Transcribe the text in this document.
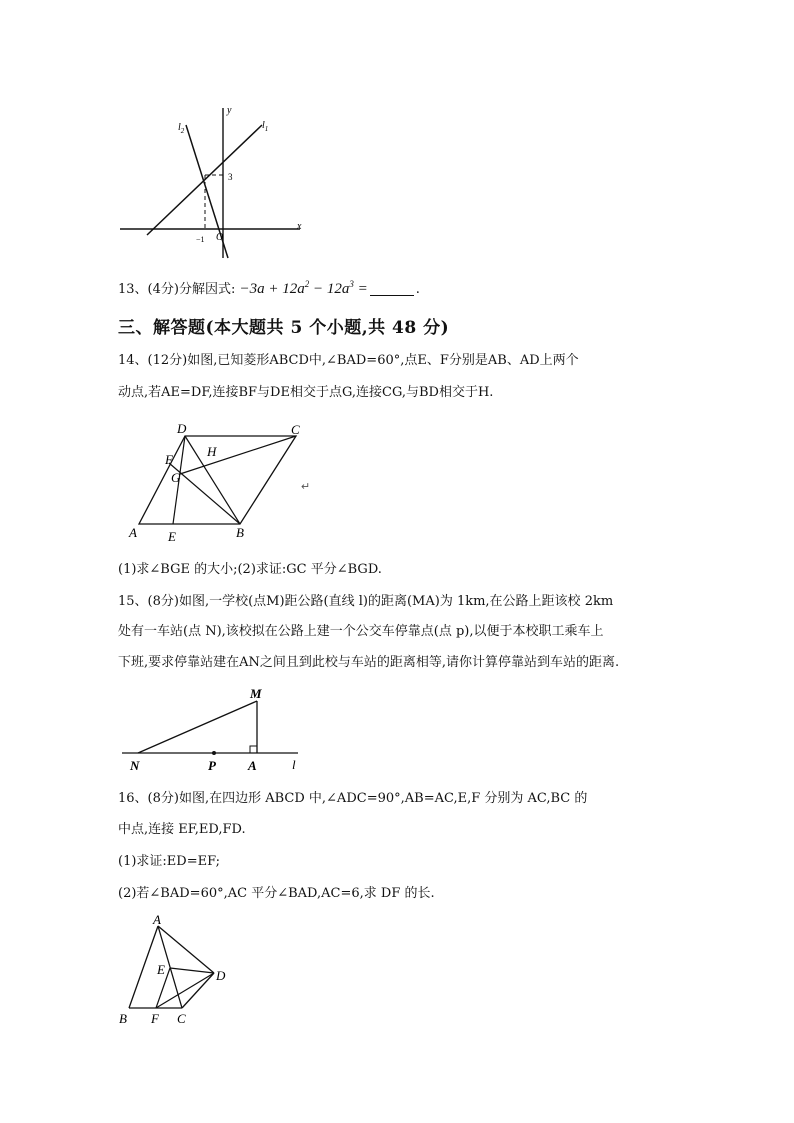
$l_2$	$l_1$
y
x
3
−1 O
13、(4分)分解因式: $-3a + 12a^2 - 12a^3$ =	.
三、解答题(本大题共 5 个小题,共 48 分)
14、(12分)如图,已知菱形ABCD中,∠BAD=60°,点E、F分别是AB、AD上两个
动点,若AE=DF,连接BF与DE相交于点G,连接CG,与BD相交于H.
D	C
F
H
G
A E	B
↵
(1)求∠BGE 的大小;(2)求证:GC 平分∠BGD.
15、(8分)如图,一学校(点M)距公路(直线 l)的距离(MA)为 1km,在公路上距该校 2km
处有一车站(点 N),该校拟在公路上建一个公交车停靠点(点 p),以便于本校职工乘车上
下班,要求停靠站建在AN之间且到此校与车站的距离相等,请你计算停靠站到车站的距离.
M
N	P A	l
16、(8分)如图,在四边形 ABCD 中,∠ADC=90°,AB=AC,E,F 分别为 AC,BC 的
中点,连接 EF,ED,FD.
(1)求证:ED=EF;
(2)若∠BAD=60°,AC 平分∠BAD,AC=6,求 DF 的长.
A
E	D
B F C
